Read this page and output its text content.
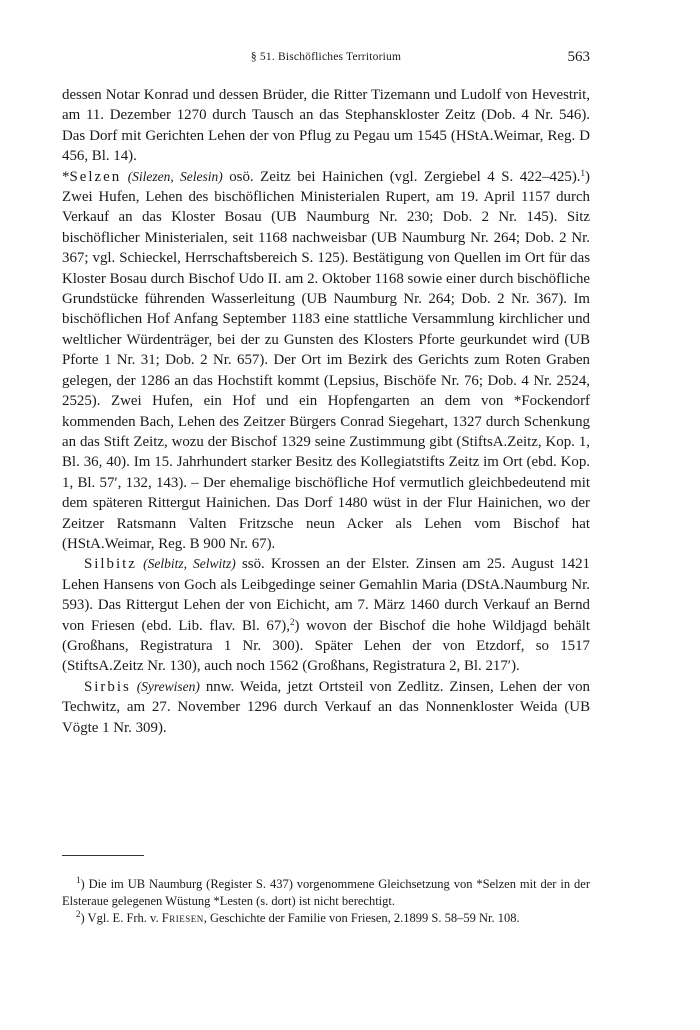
§ 51. Bischöfliches Territorium	563

dessen Notar Konrad und dessen Brüder, die Ritter Tizemann und Ludolf von Hevestrit, am 11. Dezember 1270 durch Tausch an das Stephanskloster Zeitz (Dob. 4 Nr. 546). Das Dorf mit Gerichten Lehen der von Pflug zu Pegau um 1545 (HStA.Weimar, Reg. D 456, Bl. 14).

*Selzen (Silezen, Selesin) osö. Zeitz bei Hainichen (vgl. Zergiebel 4 S. 422–425).$^1$) Zwei Hufen, Lehen des bischöflichen Ministerialen Rupert, am 19. April 1157 durch Verkauf an das Kloster Bosau (UB Naumburg Nr. 230; Dob. 2 Nr. 145). Sitz bischöflicher Ministerialen, seit 1168 nachweisbar (UB Naumburg Nr. 264; Dob. 2 Nr. 367; vgl. Schieckel, Herrschaftsbereich S. 125). Bestätigung von Quellen im Ort für das Kloster Bosau durch Bischof Udo II. am 2. Oktober 1168 sowie einer durch bischöfliche Grundstücke führenden Wasserleitung (UB Naumburg Nr. 264; Dob. 2 Nr. 367). Im bischöflichen Hof Anfang September 1183 eine stattliche Versammlung kirchlicher und weltlicher Würdenträger, bei der zu Gunsten des Klosters Pforte geurkundet wird (UB Pforte 1 Nr. 31; Dob. 2 Nr. 657). Der Ort im Bezirk des Gerichts zum Roten Graben gelegen, der 1286 an das Hochstift kommt (Lepsius, Bischöfe Nr. 76; Dob. 4 Nr. 2524, 2525). Zwei Hufen, ein Hof und ein Hopfengarten an dem von *Fockendorf kommenden Bach, Lehen des Zeitzer Bürgers Conrad Siegehart, 1327 durch Schenkung an das Stift Zeitz, wozu der Bischof 1329 seine Zustimmung gibt (StiftsA.Zeitz, Kop. 1, Bl. 36, 40). Im 15. Jahrhundert starker Besitz des Kollegiatstifts Zeitz im Ort (ebd. Kop. 1, Bl. 57′, 132, 143). – Der ehemalige bischöfliche Hof vermutlich gleichbedeutend mit dem späteren Rittergut Hainichen. Das Dorf 1480 wüst in der Flur Hainichen, wo der Zeitzer Ratsmann Valten Fritzsche neun Acker als Lehen vom Bischof hat (HStA.Weimar, Reg. B 900 Nr. 67).

Silbitz (Selbitz, Selwitz) ssö. Krossen an der Elster. Zinsen am 25. August 1421 Lehen Hansens von Goch als Leibgedinge seiner Gemahlin Maria (DStA.Naumburg Nr. 593). Das Rittergut Lehen der von Eichicht, am 7. März 1460 durch Verkauf an Bernd von Friesen (ebd. Lib. flav. Bl. 67),$^2$) wovon der Bischof die hohe Wildjagd behält (Großhans, Registratura 1 Nr. 300). Später Lehen der von Etzdorf, so 1517 (StiftsA.Zeitz Nr. 130), auch noch 1562 (Großhans, Registratura 2, Bl. 217′).

Sirbis (Syrewisen) nnw. Weida, jetzt Ortsteil von Zedlitz. Zinsen, Lehen der von Techwitz, am 27. November 1296 durch Verkauf an das Nonnenkloster Weida (UB Vögte 1 Nr. 309).

$^1$) Die im UB Naumburg (Register S. 437) vorgenommene Gleichsetzung von *Selzen mit der in der Elsteraue gelegenen Wüstung *Lesten (s. dort) ist nicht berechtigt.

$^2$) Vgl. E. Frh. v. Friesen, Geschichte der Familie von Friesen, 2.1899 S. 58–59 Nr. 108.
